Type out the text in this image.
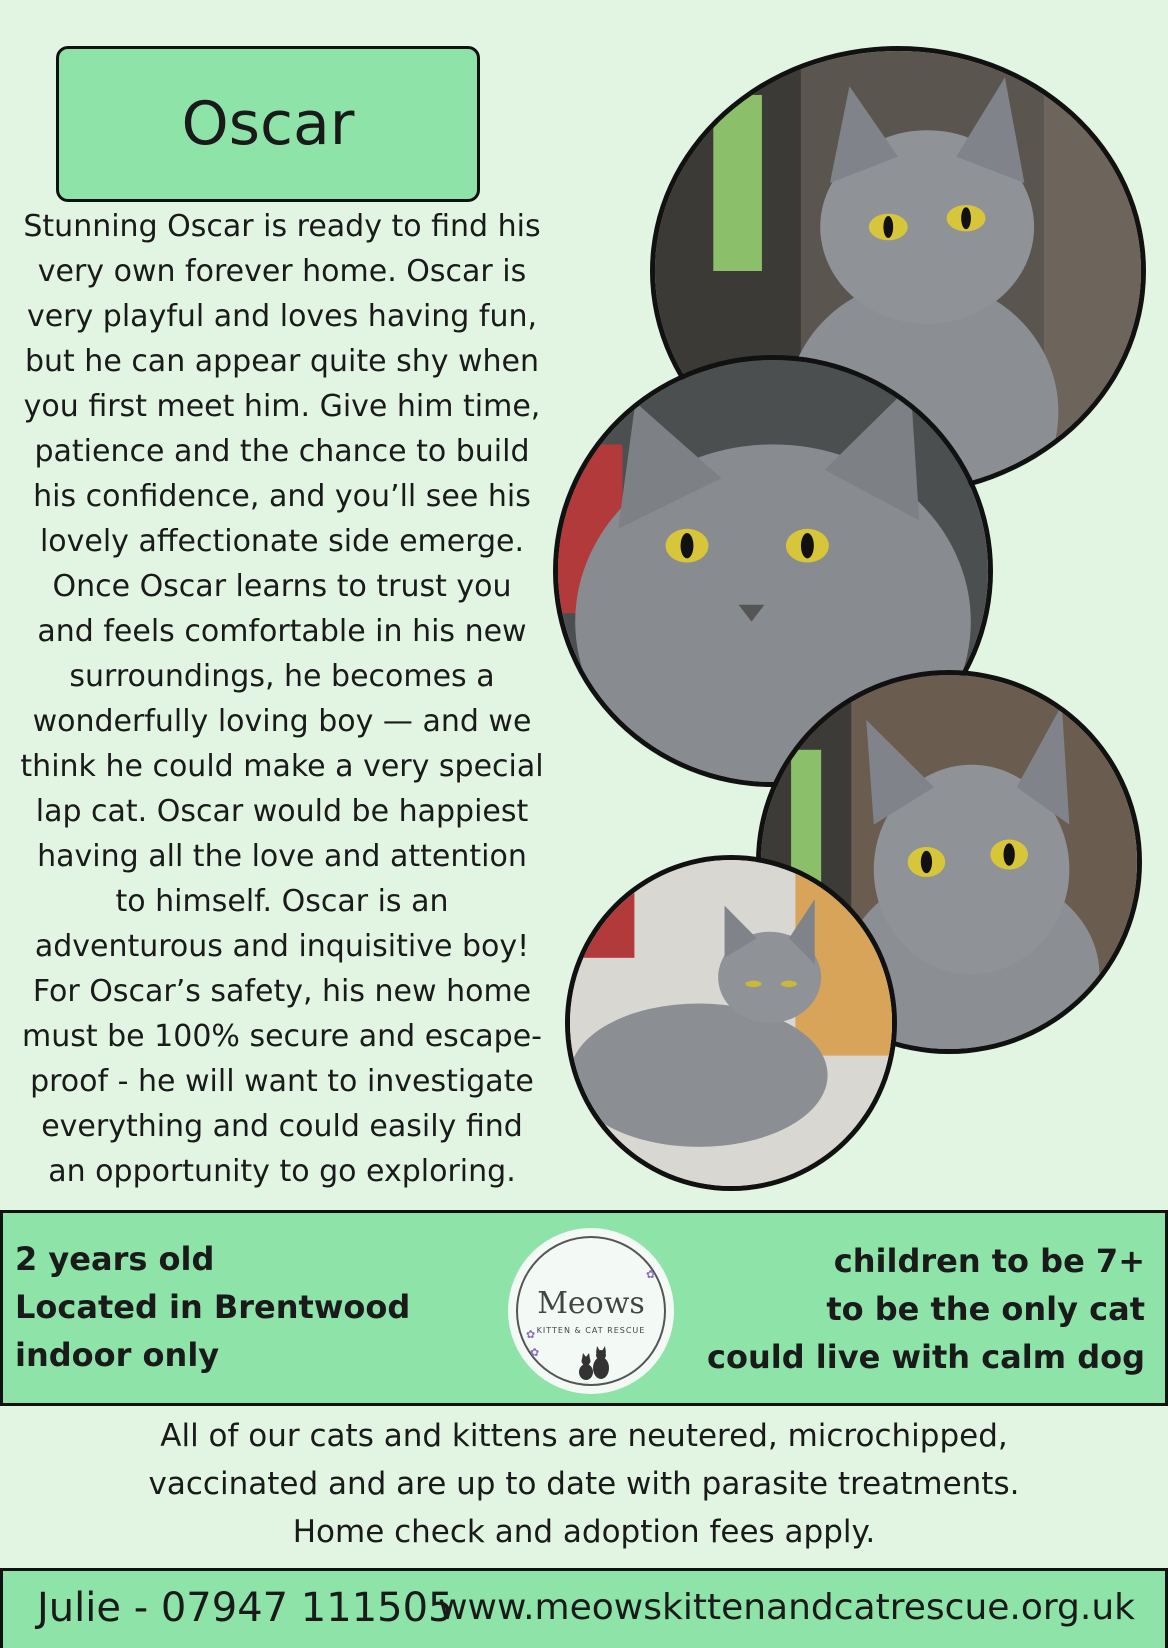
Oscar

Stunning Oscar is ready to find his
very own forever home. Oscar is
very playful and loves having fun,
but he can appear quite shy when
you first meet him. Give him time,
patience and the chance to build
his confidence, and you’ll see his
lovely affectionate side emerge.
Once Oscar learns to trust you
and feels comfortable in his new
surroundings, he becomes a
wonderfully loving boy — and we
think he could make a very special
lap cat. Oscar would be happiest
having all the love and attention
to himself. Oscar is an
adventurous and inquisitive boy!
For Oscar’s safety, his new home
must be 100% secure and escape-
proof - he will want to investigate
everything and could easily find
an opportunity to go exploring.

2 years old
Located in Brentwood
indoor only
Meows
KITTEN & CAT RESCUE
✿
✿
✿
children to be 7+
to be the only cat
could live with calm dog

All of our cats and kittens are neutered, microchipped,
vaccinated and are up to date with parasite treatments.
Home check and adoption fees apply.

Julie - 07947 111505
www.meowskittenandcatrescue.org.uk
